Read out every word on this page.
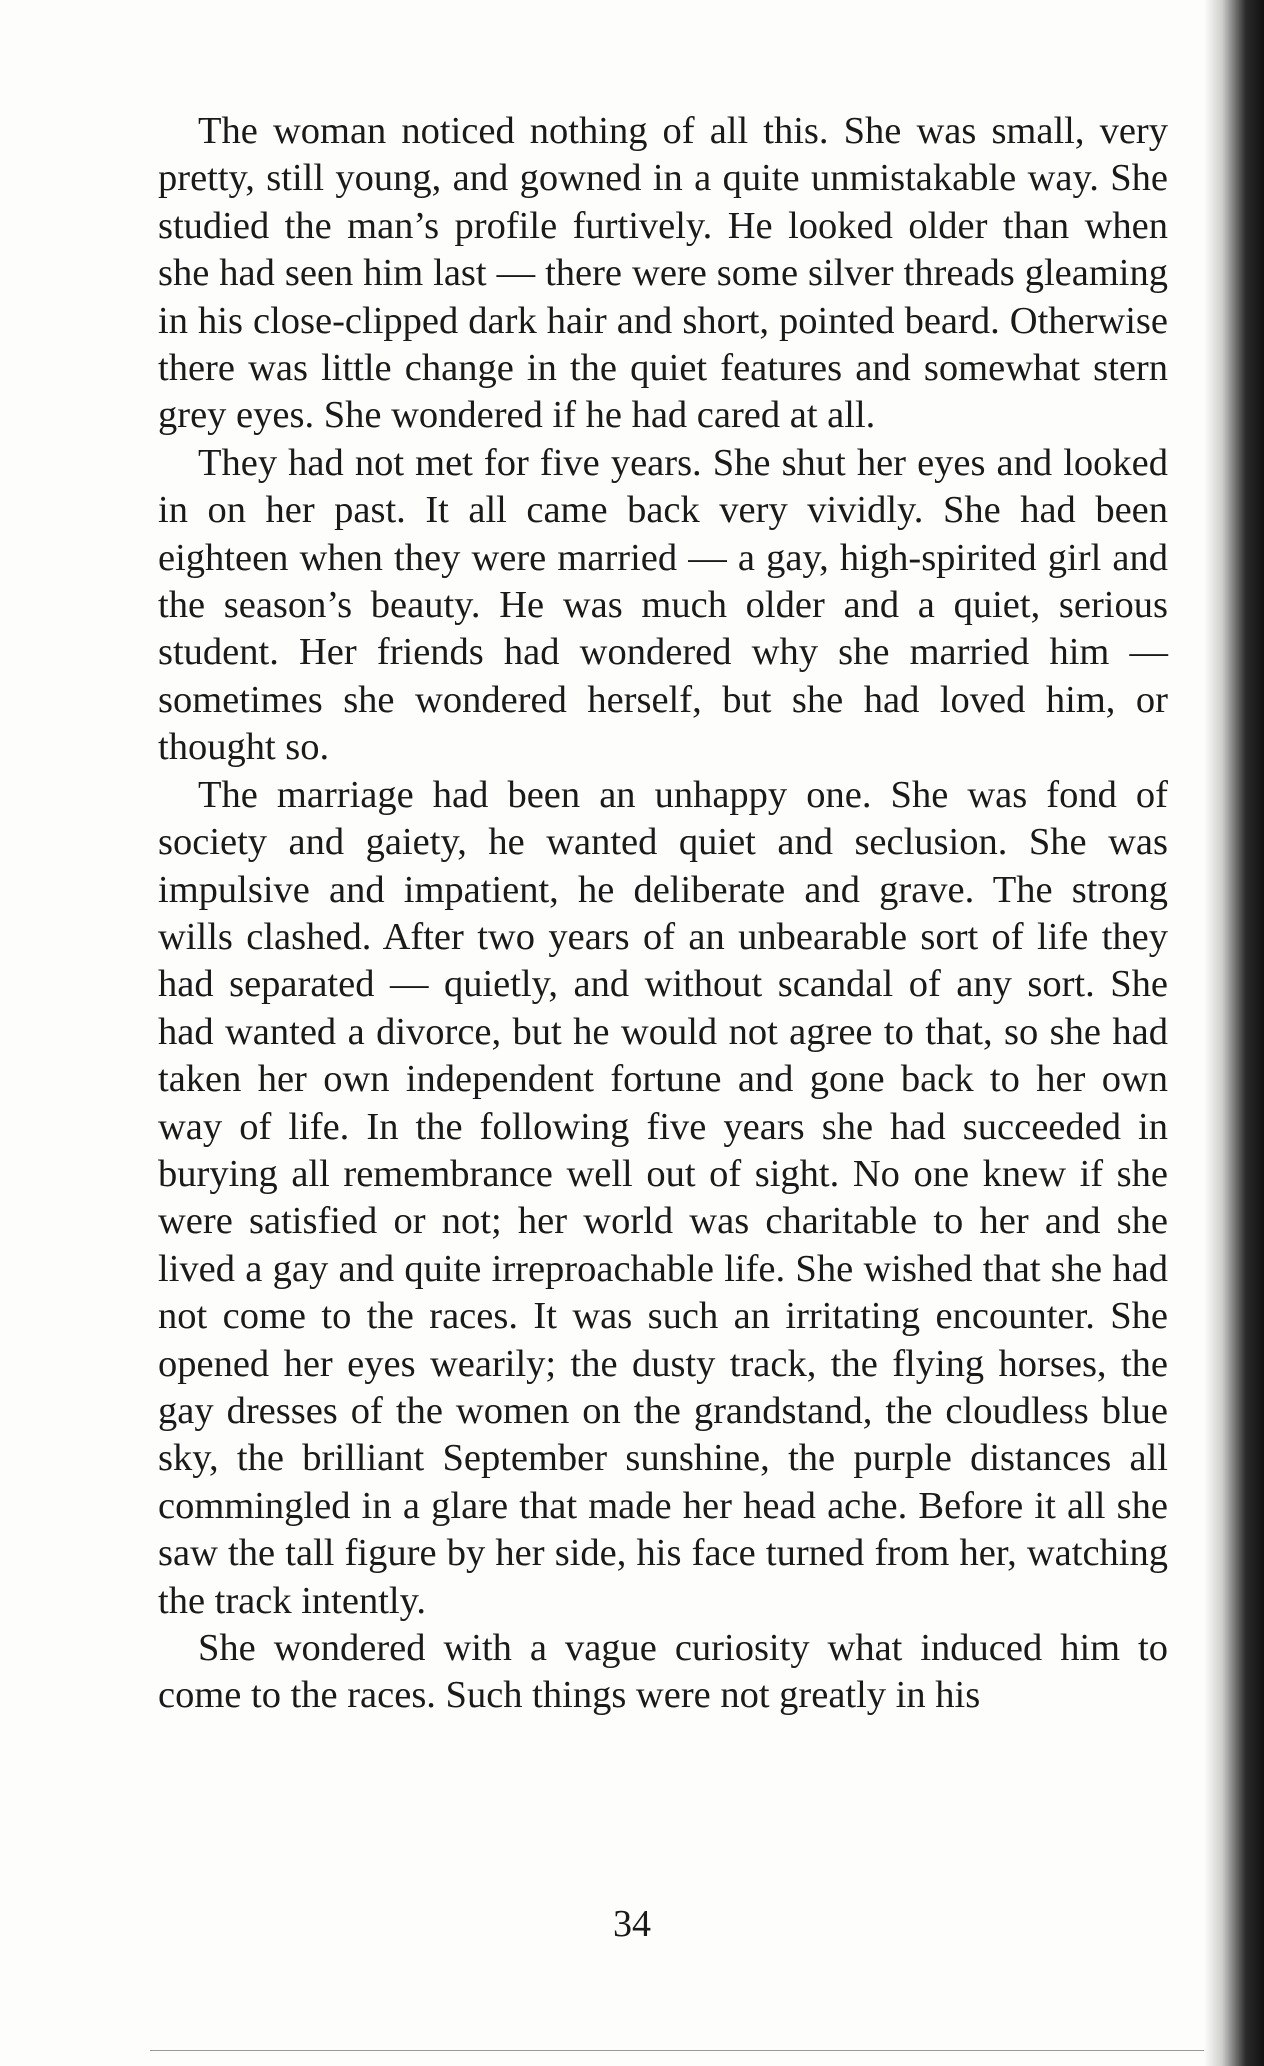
The woman noticed nothing of all this. She was small, very pretty, still young, and gowned in a quite unmistakable way. She studied the man’s profile furtively. He looked older than when she had seen him last — there were some silver threads gleaming in his close-clipped dark hair and short, pointed beard. Otherwise there was little change in the quiet features and somewhat stern grey eyes. She wondered if he had cared at all.

They had not met for five years. She shut her eyes and looked in on her past. It all came back very vividly. She had been eighteen when they were married — a gay, high-spirited girl and the season’s beauty. He was much older and a quiet, serious student. Her friends had wondered why she married him — sometimes she wondered herself, but she had loved him, or thought so.

The marriage had been an unhappy one. She was fond of society and gaiety, he wanted quiet and seclusion. She was impulsive and impatient, he deliberate and grave. The strong wills clashed. After two years of an unbearable sort of life they had separated — quietly, and without scandal of any sort. She had wanted a divorce, but he would not agree to that, so she had taken her own independent fortune and gone back to her own way of life. In the following five years she had succeeded in burying all remembrance well out of sight. No one knew if she were satisfied or not; her world was charitable to her and she lived a gay and quite irreproachable life. She wished that she had not come to the races. It was such an irritating encounter. She opened her eyes wearily; the dusty track, the flying horses, the gay dresses of the women on the grandstand, the cloudless blue sky, the brilliant September sunshine, the purple distances all commingled in a glare that made her head ache. Before it all she saw the tall figure by her side, his face turned from her, watching the track intently.

She wondered with a vague curiosity what induced him to come to the races. Such things were not greatly in his

34
